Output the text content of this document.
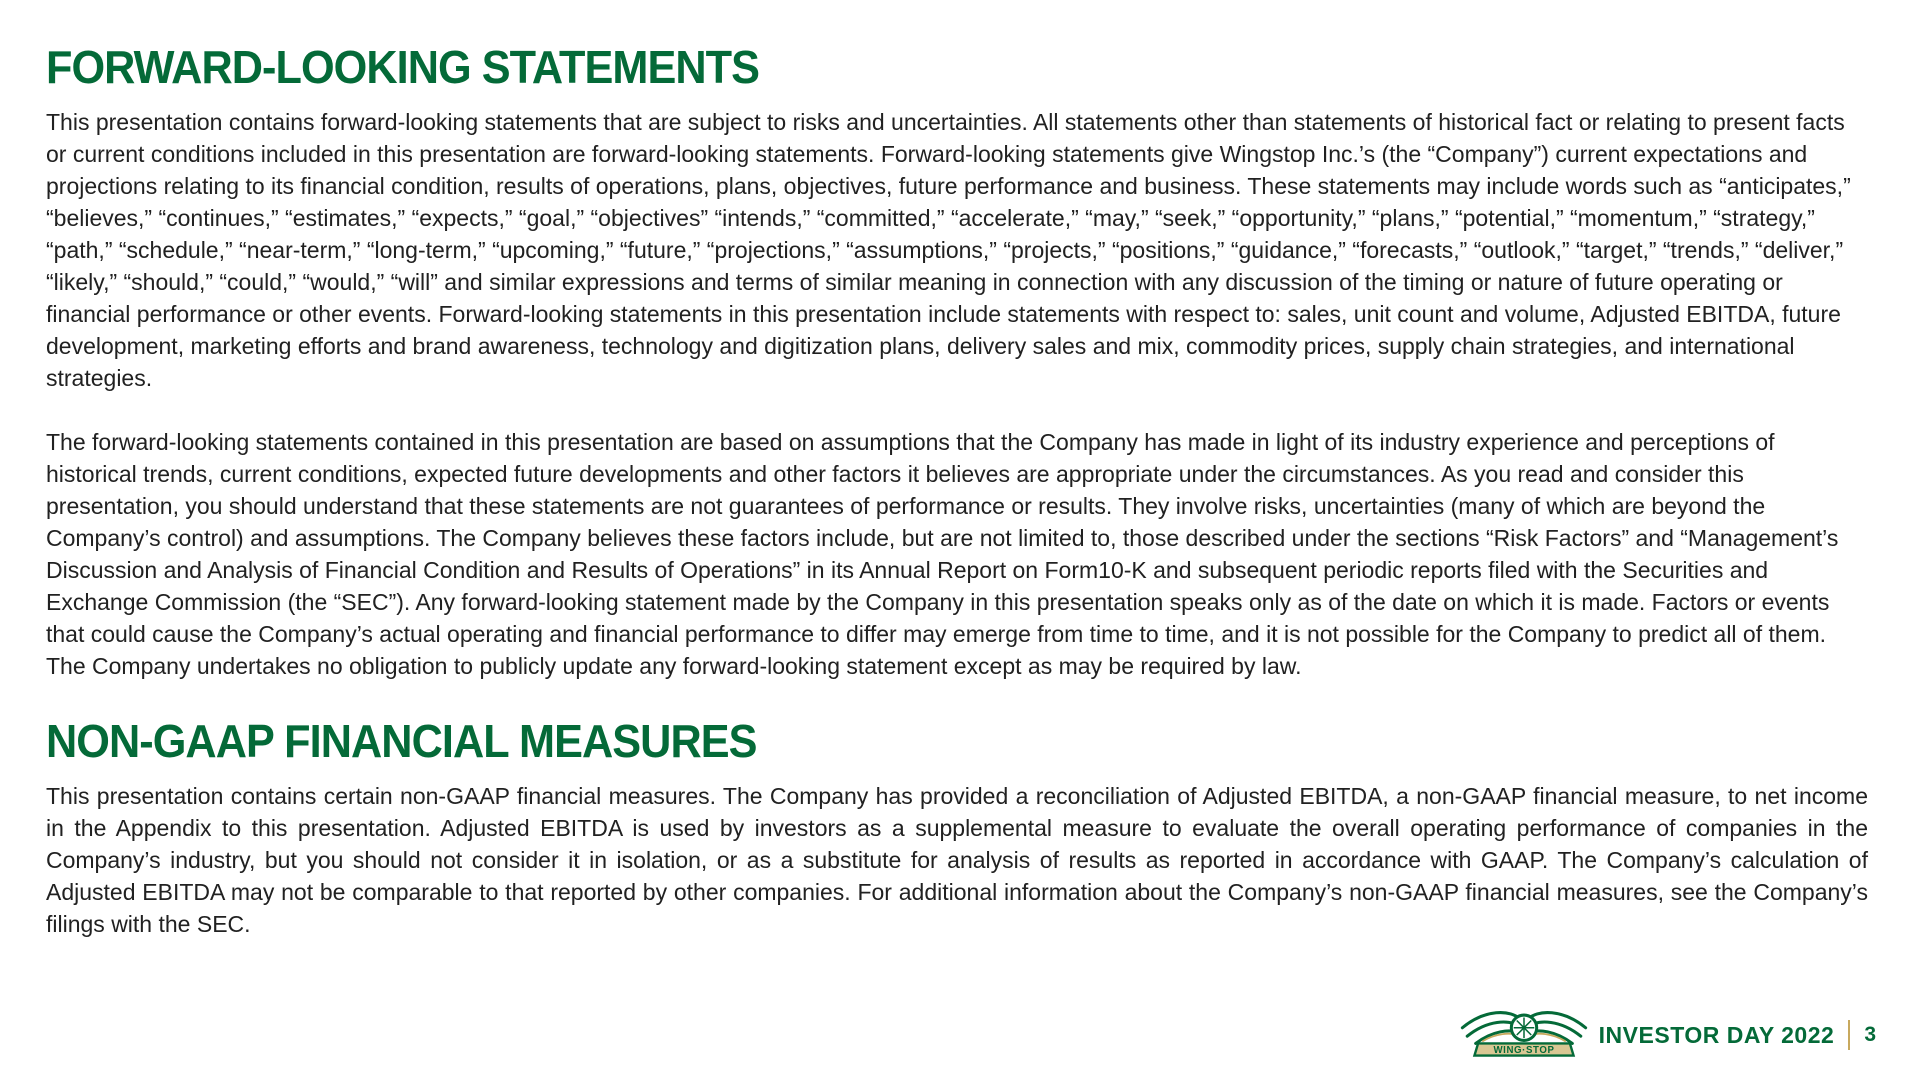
FORWARD-LOOKING STATEMENTS

This presentation contains forward-looking statements that are subject to risks and uncertainties. All statements other than statements of historical fact or relating to present facts or current conditions included in this presentation are forward-looking statements. Forward-looking statements give Wingstop Inc.’s (the “Company”) current expectations and projections relating to its financial condition, results of operations, plans, objectives, future performance and business. These statements may include words such as “anticipates,” “believes,” “continues,” “estimates,” “expects,” “goal,” “objectives” “intends,” “committed,” “accelerate,” “may,” “seek,” “opportunity,” “plans,” “potential,” “momentum,” “strategy,” “path,” “schedule,” “near-term,” “long-term,” “upcoming,” “future,” “projections,” “assumptions,” “projects,” “positions,” “guidance,” “forecasts,” “outlook,” “target,” “trends,” “deliver,” “likely,” “should,” “could,” “would,” “will” and similar expressions and terms of similar meaning in connection with any discussion of the timing or nature of future operating or financial performance or other events. Forward-looking statements in this presentation include statements with respect to: sales, unit count and volume, Adjusted EBITDA, future development, marketing efforts and brand awareness, technology and digitization plans, delivery sales and mix, commodity prices, supply chain strategies, and international strategies.

The forward-looking statements contained in this presentation are based on assumptions that the Company has made in light of its industry experience and perceptions of historical trends, current conditions, expected future developments and other factors it believes are appropriate under the circumstances. As you read and consider this presentation, you should understand that these statements are not guarantees of performance or results. They involve risks, uncertainties (many of which are beyond the Company’s control) and assumptions. The Company believes these factors include, but are not limited to, those described under the sections “Risk Factors” and “Management’s Discussion and Analysis of Financial Condition and Results of Operations” in its Annual Report on Form10-K and subsequent periodic reports filed with the Securities and Exchange Commission (the “SEC”). Any forward-looking statement made by the Company in this presentation speaks only as of the date on which it is made. Factors or events that could cause the Company’s actual operating and financial performance to differ may emerge from time to time, and it is not possible for the Company to predict all of them. The Company undertakes no obligation to publicly update any forward-looking statement except as may be required by law.

NON-GAAP FINANCIAL MEASURES

This presentation contains certain non-GAAP financial measures. The Company has provided a reconciliation of Adjusted EBITDA, a non-GAAP financial measure, to net income in the Appendix to this presentation. Adjusted EBITDA is used by investors as a supplemental measure to evaluate the overall operating performance of companies in the Company’s industry, but you should not consider it in isolation, or as a substitute for analysis of results as reported in accordance with GAAP. The Company’s calculation of Adjusted EBITDA may not be comparable to that reported by other companies. For additional information about the Company’s non-GAAP financial measures, see the Company’s filings with the SEC.

WING·STOP
INVESTOR DAY 2022 3
